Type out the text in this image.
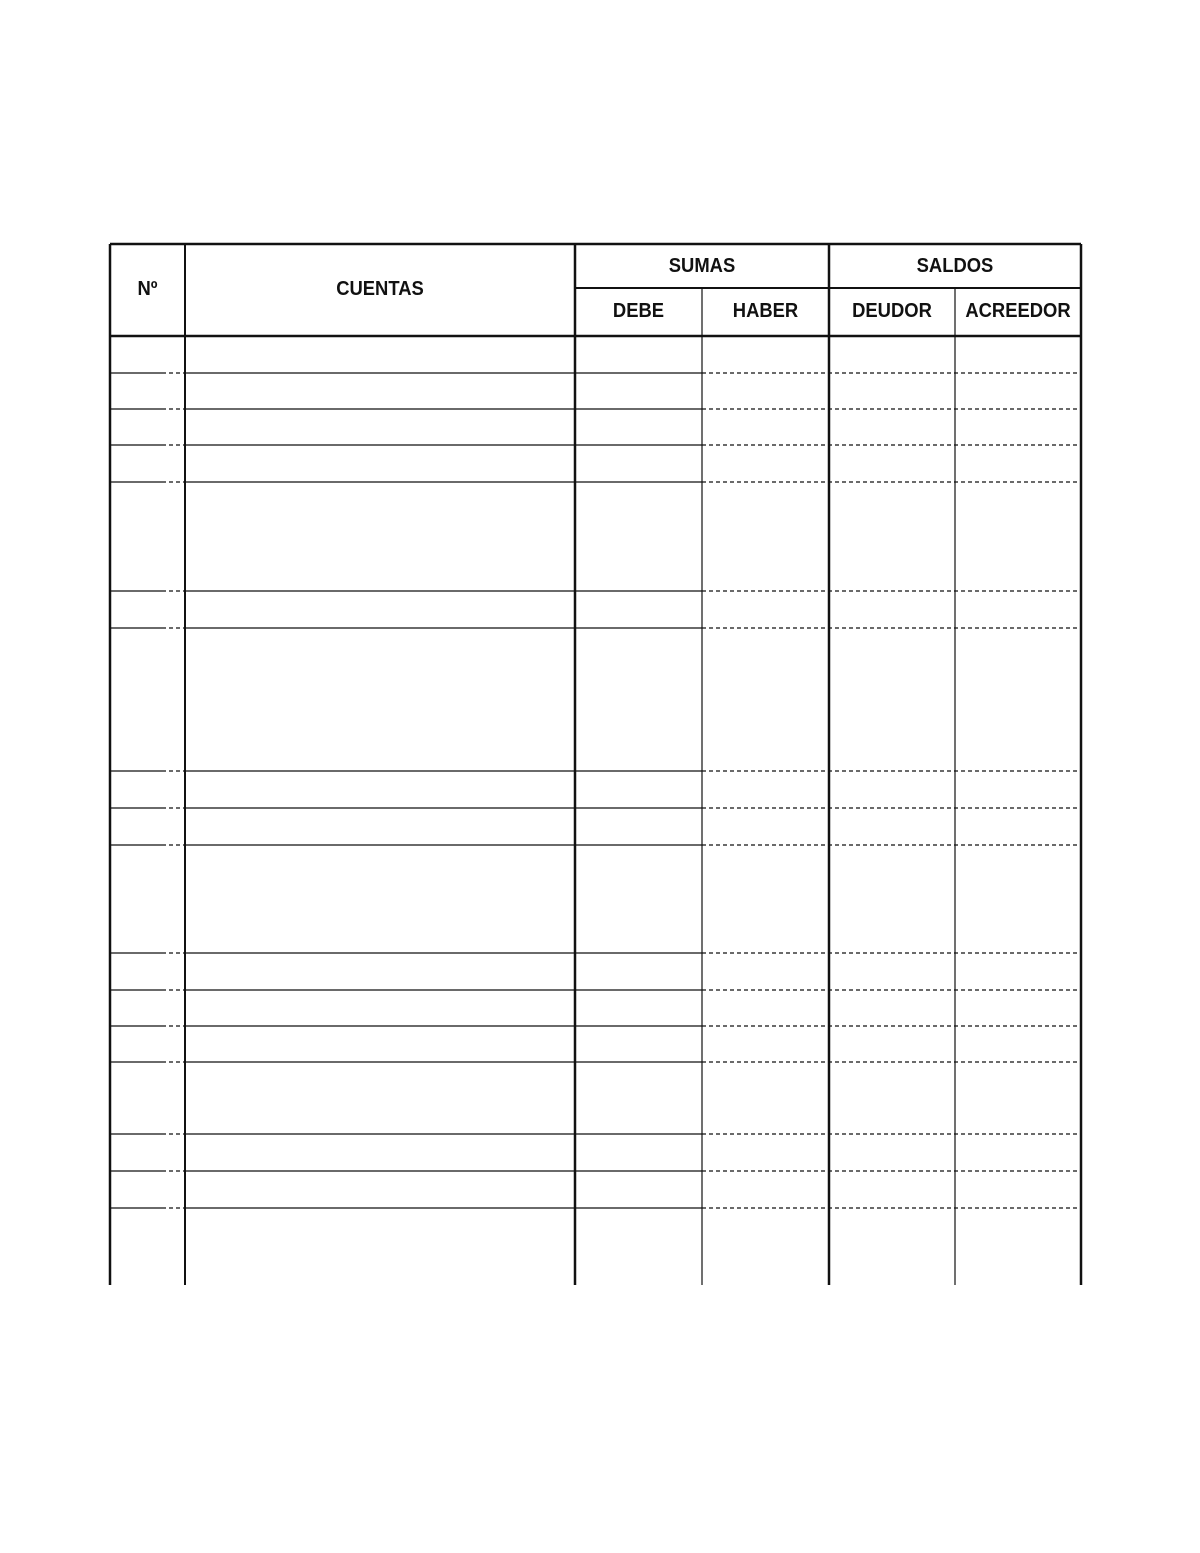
Nº	CUENTAS
SUMAS	SALDOS
DEBE	HABER	DEUDOR	ACREEDOR
